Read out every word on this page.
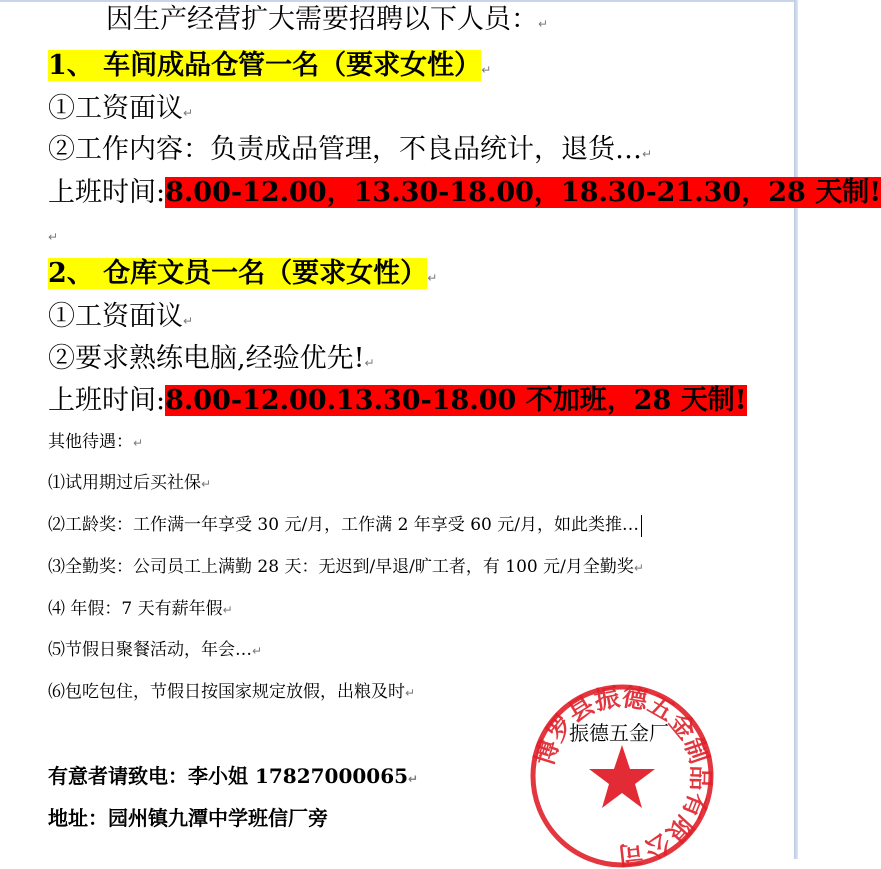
因生产经营扩大需要招聘以下人员：↵
1、 车间成品仓管一名（要求女性）↵
①工资面议↵
②工作内容：负责成品管理，不良品统计，退货…↵
上班时间:8.00-12.00，13.30-18.00，18.30-21.30，28 天制!
↵
2、 仓库文员一名（要求女性）↵
①工资面议↵
②要求熟练电脑,经验优先!↵
上班时间:8.00-12.00.13.30-18.00 不加班，28 天制!
其他待遇：↵
⑴试用期过后买社保↵
⑵工龄奖：工作满一年享受 30 元/月，工作满 2 年享受 60 元/月，如此类推…
⑶全勤奖：公司员工上满勤 28 天：无迟到/早退/旷工者，有 100 元/月全勤奖↵
⑷ 年假：7 天有薪年假↵
⑸节假日聚餐活动，年会…↵
⑹包吃包住，节假日按国家规定放假，出粮及时↵
有意者请致电：李小姐 17827000065↵
地址：园州镇九潭中学班信厂旁
博罗县振德五金制品有限公司
振德五金厂
